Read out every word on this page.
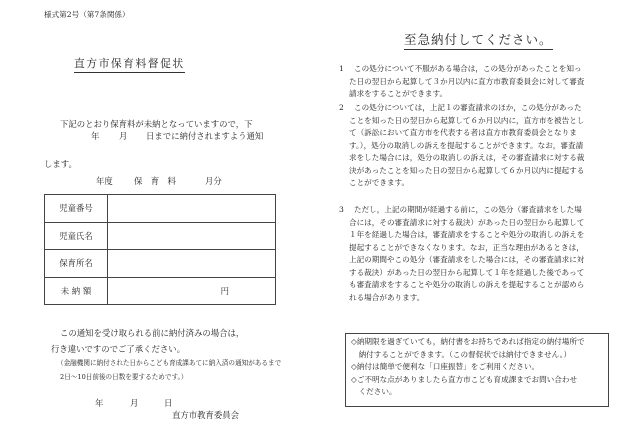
様式第2号（第7条関係）
直方市保育料督促状
下記のとおり保育料が未納となっていますので，下
年 月 日までに納付されますよう通知
します。
年度	保　育　料	月分
児童番号	
児童氏名	
保育所名	
未 納 額	円
この通知を受け取られる前に納付済みの場合は，
行き違いですのでご了承ください。
（金融機関に納付された日からこども育成課あてに納入済の通知があるまで
2日～10日前後の日数を要するためです。）
年	月	日
直方市教育委員会
至急納付してください。
1 この処分について不服がある場合は，この処分があったことを知っ
た日の翌日から起算して３か月以内に直方市教育委員会に対して審査
請求をすることができます。
2 この処分については，上記１の審査請求のほか，この処分があった
ことを知った日の翌日から起算して６か月以内に，直方市を被告とし
て（訴訟において直方市を代表する者は直方市教育委員会となりま
す。），処分の取消しの訴えを提起することができます。なお，審査請
求をした場合には，処分の取消しの訴えは，その審査請求に対する裁
決があったことを知った日の翌日から起算して６か月以内に提起する
ことができます。
3 ただし，上記の期間が経過する前に，この処分（審査請求をした場
合には，その審査請求に対する裁決）があった日の翌日から起算して
１年を経過した場合は，審査請求をすることや処分の取消しの訴えを
提起することができなくなります。なお，正当な理由があるときは，
上記の期間やこの処分（審査請求をした場合には，その審査請求に対
する裁決）があった日の翌日から起算して１年を経過した後であって
も審査請求をすることや処分の取消しの訴えを提起することが認めら
れる場合があります。
◇納期限を過ぎていても，納付書をお持ちであれば指定の納付場所で
　納付することができます。（この督促状では納付できません。）
◇納付は簡単で便利な「口座振替」をご利用ください。
◇ご不明な点がありましたら直方市こども育成課までお問い合わせ
　ください。
